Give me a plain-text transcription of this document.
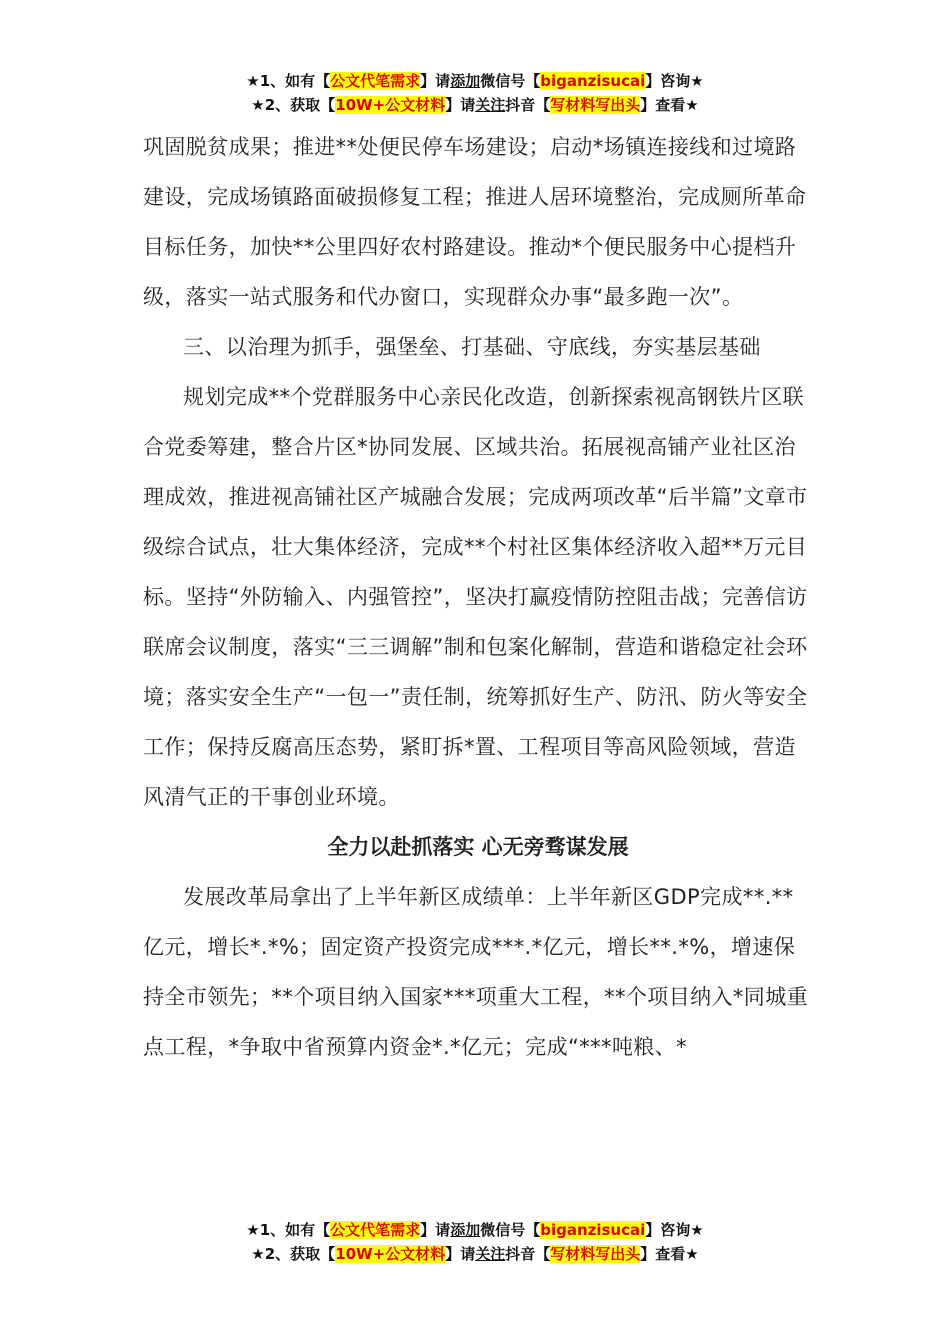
★1、如有【公文代笔需求】请添加微信号【biganzisucai】咨询★
★2、获取【10W+公文材料】请关注抖音【写材料写出头】查看★

巩固脱贫成果；推进**处便民停车场建设；启动*场镇连接线和过境路建设，完成场镇路面破损修复工程；推进人居环境整治，完成厕所革命目标任务，加快**公里四好农村路建设。推动*个便民服务中心提档升级，落实一站式服务和代办窗口，实现群众办事“最多跑一次”。

三、以治理为抓手，强堡垒、打基础、守底线，夯实基层基础

规划完成**个党群服务中心亲民化改造，创新探索视高钢铁片区联合党委筹建，整合片区*协同发展、区域共治。拓展视高铺产业社区治理成效，推进视高铺社区产城融合发展；完成两项改革“后半篇”文章市级综合试点，壮大集体经济，完成**个村社区集体经济收入超**万元目标。坚持“外防输入、内强管控”，坚决打赢疫情防控阻击战；完善信访联席会议制度，落实“三三调解”制和包案化解制，营造和谐稳定社会环境；落实安全生产“一包一”责任制，统筹抓好生产、防汛、防火等安全工作；保持反腐高压态势，紧盯拆*置、工程项目等高风险领域，营造风清气正的干事创业环境。

全力以赴抓落实 心无旁骛谋发展

发展改革局拿出了上半年新区成绩单：上半年新区GDP完成**.**亿元，增长*.*%；固定资产投资完成***.*亿元，增长**.*%，增速保持全市领先；**个项目纳入国家***项重大工程，**个项目纳入*同城重点工程，*争取中省预算内资金*.*亿元；完成“***吨粮、*

★1、如有【公文代笔需求】请添加微信号【biganzisucai】咨询★
★2、获取【10W+公文材料】请关注抖音【写材料写出头】查看★
